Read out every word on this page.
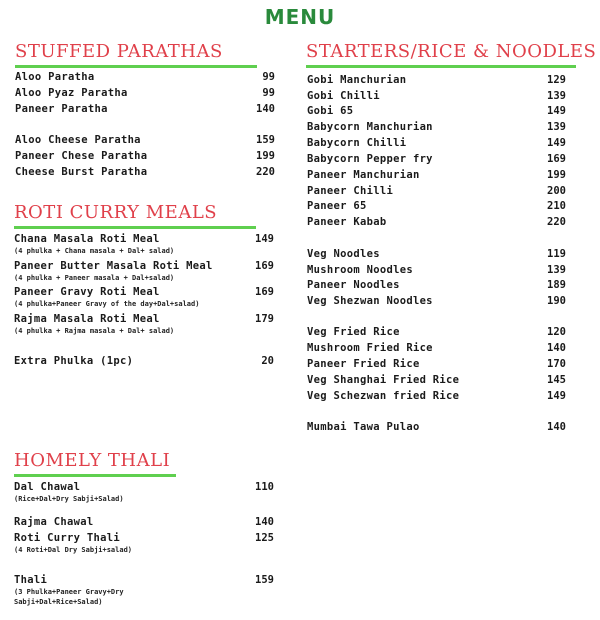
MENU
STUFFED PARATHAS
Aloo Paratha	99
Aloo Pyaz Paratha	99
Paneer Paratha	140
Aloo Cheese Paratha	159
Paneer Chese Paratha	199
Cheese Burst Paratha	220
ROTI CURRY MEALS
Chana Masala Roti Meal	149
(4 phulka + Chana masala + Dal+ salad)
Paneer Butter Masala Roti Meal	169
(4 phulka + Paneer masala + Dal+salad)
Paneer Gravy Roti Meal	169
(4 phulka+Paneer Gravy of the day+Dal+salad)
Rajma Masala Roti Meal	179
(4 phulka + Rajma masala + Dal+ salad)
Extra Phulka (1pc)	20
HOMELY THALI
Dal Chawal	110
(Rice+Dal+Dry Sabji+Salad)
Rajma Chawal	140
Roti Curry Thali	125
(4 Roti+Dal Dry Sabji+salad)
Thali	159
(3 Phulka+Paneer Gravy+Dry
Sabji+Dal+Rice+Salad)
STARTERS/RICE & NOODLES
Gobi Manchurian	129
Gobi Chilli	139
Gobi 65	149
Babycorn Manchurian	139
Babycorn Chilli	149
Babycorn Pepper fry	169
Paneer Manchurian	199
Paneer Chilli	200
Paneer 65	210
Paneer Kabab	220
Veg Noodles	119
Mushroom Noodles	139
Paneer Noodles	189
Veg Shezwan Noodles	190
Veg Fried Rice	120
Mushroom Fried Rice	140
Paneer Fried Rice	170
Veg Shanghai Fried Rice	145
Veg Schezwan fried Rice	149
Mumbai Tawa Pulao	140
